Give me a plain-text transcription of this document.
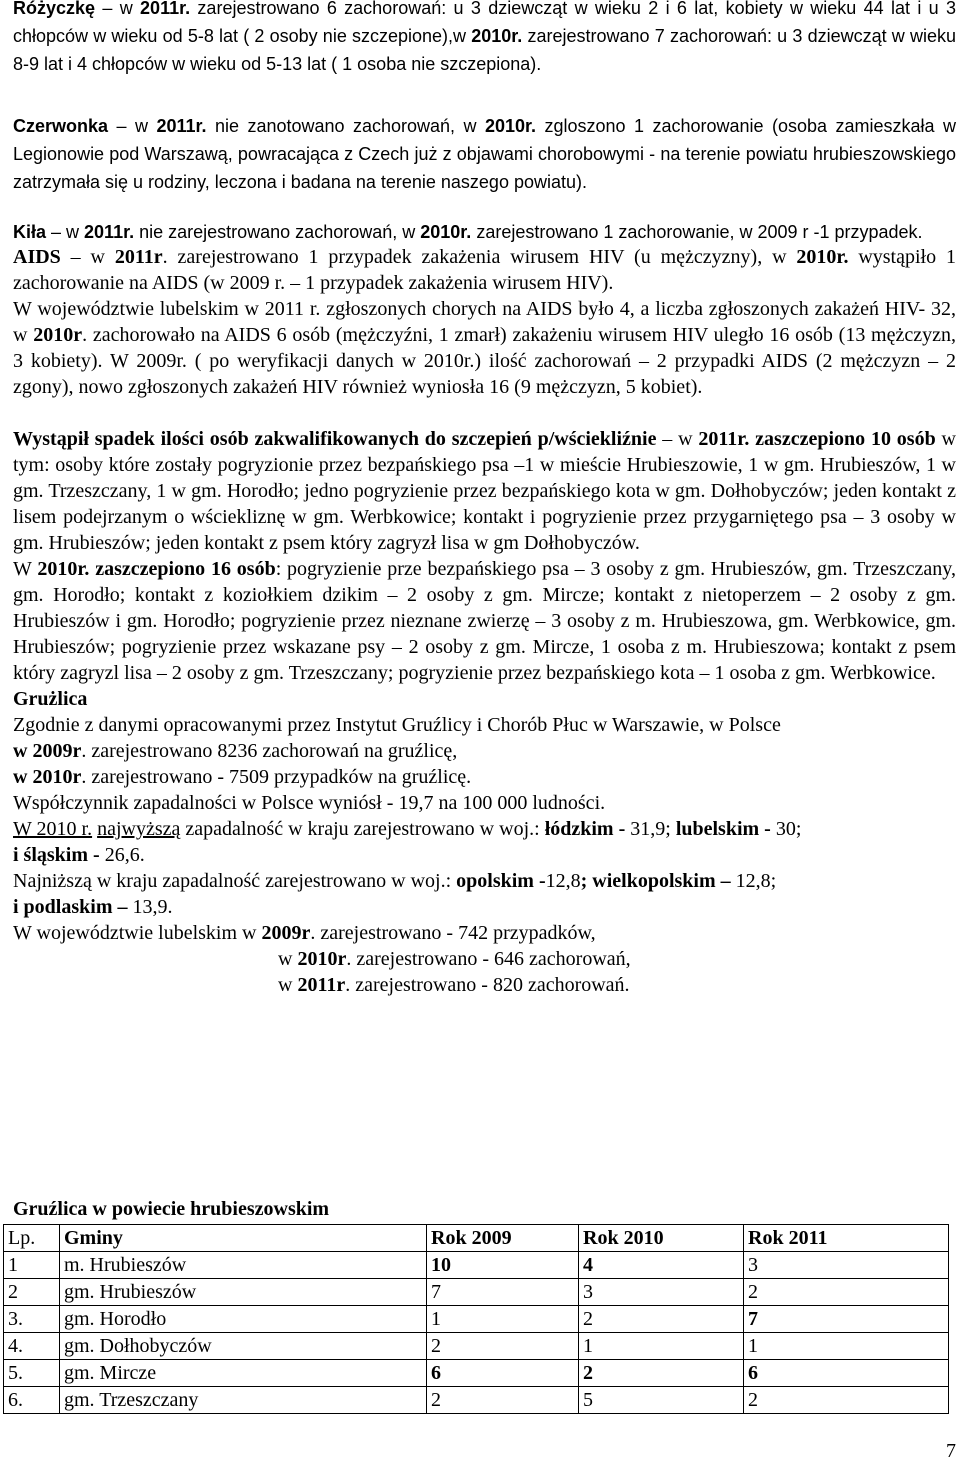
Różyczkę – w 2011r. zarejestrowano 6 zachorowań: u 3 dziewcząt w wieku 2 i 6 lat, kobiety w wieku 44 lat i u 3 chłopców w wieku od 5-8 lat ( 2 osoby nie szczepione),w 2010r. zarejestrowano 7 zachorowań: u 3 dziewcząt w wieku 8-9 lat i 4 chłopców w wieku od 5-13 lat ( 1 osoba nie szczepiona).

Czerwonka – w 2011r. nie zanotowano zachorowań, w 2010r. zgloszono 1 zachorowanie (osoba zamieszkała w Legionowie pod Warszawą, powracająca z Czech już z objawami chorobowymi - na terenie powiatu hrubieszowskiego zatrzymała się u rodziny, leczona i badana na terenie naszego powiatu).

Kiła – w 2011r. nie zarejestrowano zachorowań, w 2010r. zarejestrowano 1 zachorowanie, w 2009 r -1 przypadek.

AIDS – w 2011r. zarejestrowano 1 przypadek zakażenia wirusem HIV (u mężczyzny), w 2010r. wystąpiło 1 zachorowanie na AIDS (w 2009 r. – 1 przypadek zakażenia wirusem HIV).

W województwie lubelskim w 2011 r. zgłoszonych chorych na AIDS było 4, a liczba zgłoszonych zakażeń HIV- 32, w 2010r. zachorowało na AIDS 6 osób (mężczyźni, 1 zmarł) zakażeniu wirusem HIV uległo 16 osób (13 mężczyzn, 3 kobiety). W 2009r. ( po weryfikacji danych w 2010r.) ilość zachorowań – 2 przypadki AIDS (2 mężczyzn – 2 zgony), nowo zgłoszonych zakażeń HIV również wyniosła 16 (9 mężczyzn, 5 kobiet).

Wystąpił spadek ilości osób zakwalifikowanych do szczepień p/wściekliźnie – w 2011r. zaszczepiono 10 osób w tym: osoby które zostały pogryzionie przez bezpańskiego psa –1 w mieście Hrubieszowie, 1 w gm. Hrubieszów, 1 w gm. Trzeszczany, 1 w gm. Horodło; jedno pogryzienie przez bezpańskiego kota w gm. Dołhobyczów; jeden kontakt z lisem podejrzanym o wściekliznę w gm. Werbkowice; kontakt i pogryzienie przez przygarniętego psa – 3 osoby w gm. Hrubieszów; jeden kontakt z psem który zagryzł lisa w gm Dołhobyczów.

W 2010r. zaszczepiono 16 osób: pogryzienie prze bezpańskiego psa – 3 osoby z gm. Hrubieszów, gm. Trzeszczany, gm. Horodło; kontakt z koziołkiem dzikim – 2 osoby z gm. Mircze; kontakt z nietoperzem – 2 osoby z gm. Hrubieszów i gm. Horodło; pogryzienie przez nieznane zwierzę – 3 osoby z m. Hrubieszowa, gm. Werbkowice, gm. Hrubieszów; pogryzienie przez wskazane psy – 2 osoby z gm. Mircze, 1 osoba z m. Hrubieszowa; kontakt z psem który zagryzl lisa – 2 osoby z gm. Trzeszczany; pogryzienie przez bezpańskiego kota – 1 osoba z gm. Werbkowice.

Grużlica

Zgodnie z danymi opracowanymi przez Instytut Gruźlicy i Chorób Płuc w Warszawie, w Polsce

w 2009r. zarejestrowano 8236 zachorowań na gruźlicę,

w 2010r. zarejestrowano - 7509 przypadków na gruźlicę.

Współczynnik zapadalności w Polsce wyniósł - 19,7 na 100 000 ludności.

W 2010 r. najwyższą zapadalność w kraju zarejestrowano w woj.: łódzkim - 31,9; lubelskim - 30;

i śląskim - 26,6.

Najniższą w kraju zapadalność zarejestrowano w woj.: opolskim -12,8; wielkopolskim – 12,8;

i podlaskim – 13,9.

W województwie lubelskim w 2009r. zarejestrowano - 742 przypadków,

w 2010r. zarejestrowano - 646 zachorowań,

w 2011r. zarejestrowano - 820 zachorowań.

Gruźlica w powiecie hrubieszowskim
Lp.	Gminy	Rok 2009	Rok 2010	Rok 2011
1	m. Hrubieszów	10	4	3
2	gm. Hrubieszów	7	3	2
3.	gm. Horodło	1	2	7
4.	gm. Dołhobyczów	2	1	1
5.	gm. Mircze	6	2	6
6.	gm. Trzeszczany	2	5	2
7
